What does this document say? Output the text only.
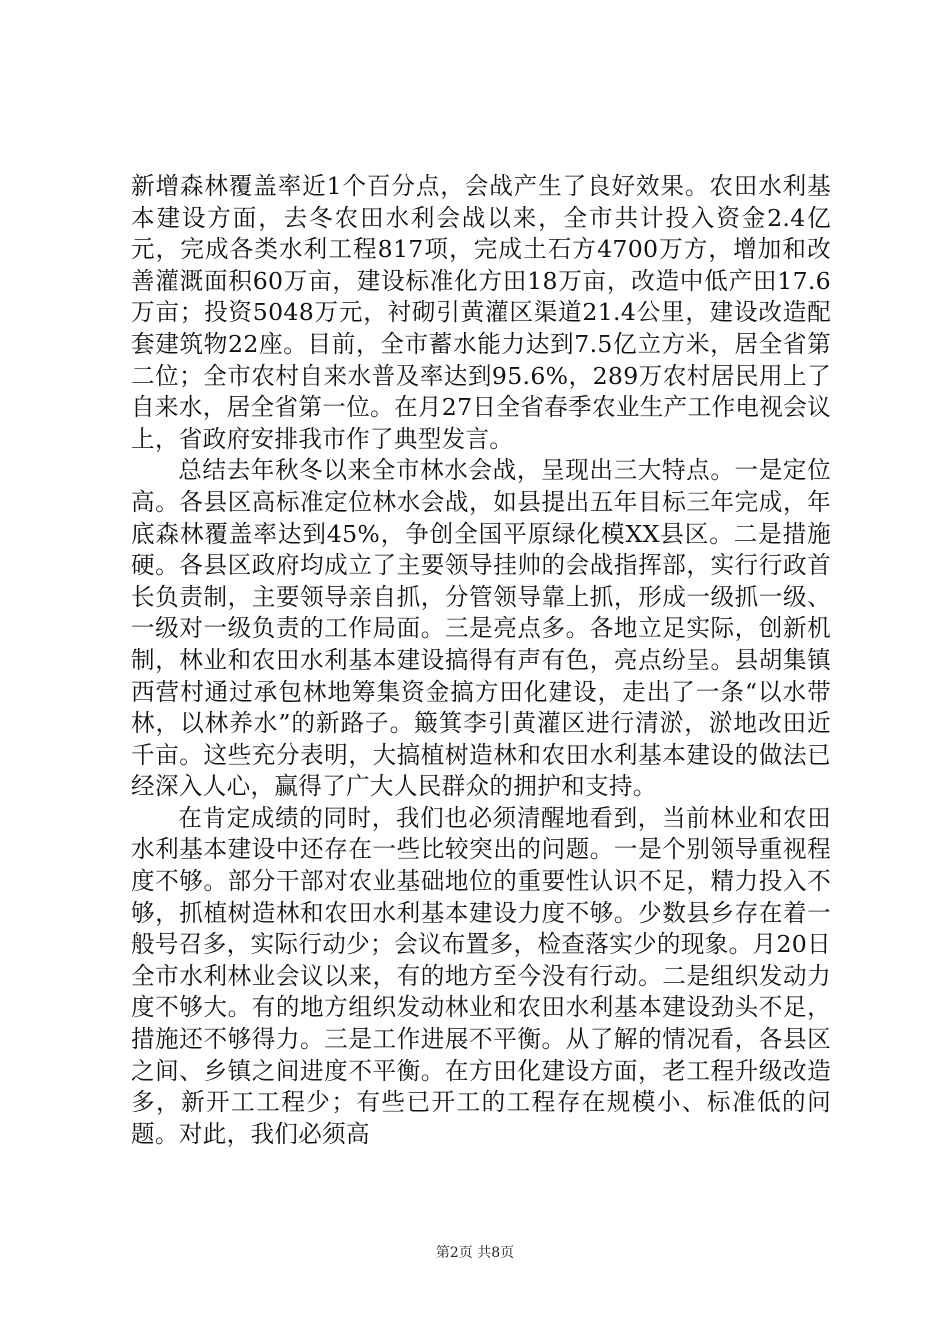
新增森林覆盖率近1个百分点，会战产生了良好效果。农田水利基本建设方面，去冬农田水利会战以来，全市共计投入资金2.4亿元，完成各类水利工程817项，完成土石方4700万方，增加和改善灌溉面积60万亩，建设标准化方田18万亩，改造中低产田17.6万亩；投资5048万元，衬砌引黄灌区渠道21.4公里，建设改造配套建筑物22座。目前，全市蓄水能力达到7.5亿立方米，居全省第二位；全市农村自来水普及率达到95.6%，289万农村居民用上了自来水，居全省第一位。在月27日全省春季农业生产工作电视会议上，省政府安排我市作了典型发言。

总结去年秋冬以来全市林水会战，呈现出三大特点。一是定位高。各县区高标准定位林水会战，如县提出五年目标三年完成，年底森林覆盖率达到45%，争创全国平原绿化模XX县区。二是措施硬。各县区政府均成立了主要领导挂帅的会战指挥部，实行行政首长负责制，主要领导亲自抓，分管领导靠上抓，形成一级抓一级、一级对一级负责的工作局面。三是亮点多。各地立足实际，创新机制，林业和农田水利基本建设搞得有声有色，亮点纷呈。县胡集镇西营村通过承包林地筹集资金搞方田化建设，走出了一条“以水带林，以林养水”的新路子。簸箕李引黄灌区进行清淤，淤地改田近千亩。这些充分表明，大搞植树造林和农田水利基本建设的做法已经深入人心，赢得了广大人民群众的拥护和支持。

在肯定成绩的同时，我们也必须清醒地看到，当前林业和农田水利基本建设中还存在一些比较突出的问题。一是个别领导重视程度不够。部分干部对农业基础地位的重要性认识不足，精力投入不够，抓植树造林和农田水利基本建设力度不够。少数县乡存在着一般号召多，实际行动少；会议布置多，检查落实少的现象。月20日全市水利林业会议以来，有的地方至今没有行动。二是组织发动力度不够大。有的地方组织发动林业和农田水利基本建设劲头不足，措施还不够得力。三是工作进展不平衡。从了解的情况看，各县区之间、乡镇之间进度不平衡。在方田化建设方面，老工程升级改造多，新开工工程少；有些已开工的工程存在规模小、标准低的问题。对此，我们必须高

第2页 共8页
